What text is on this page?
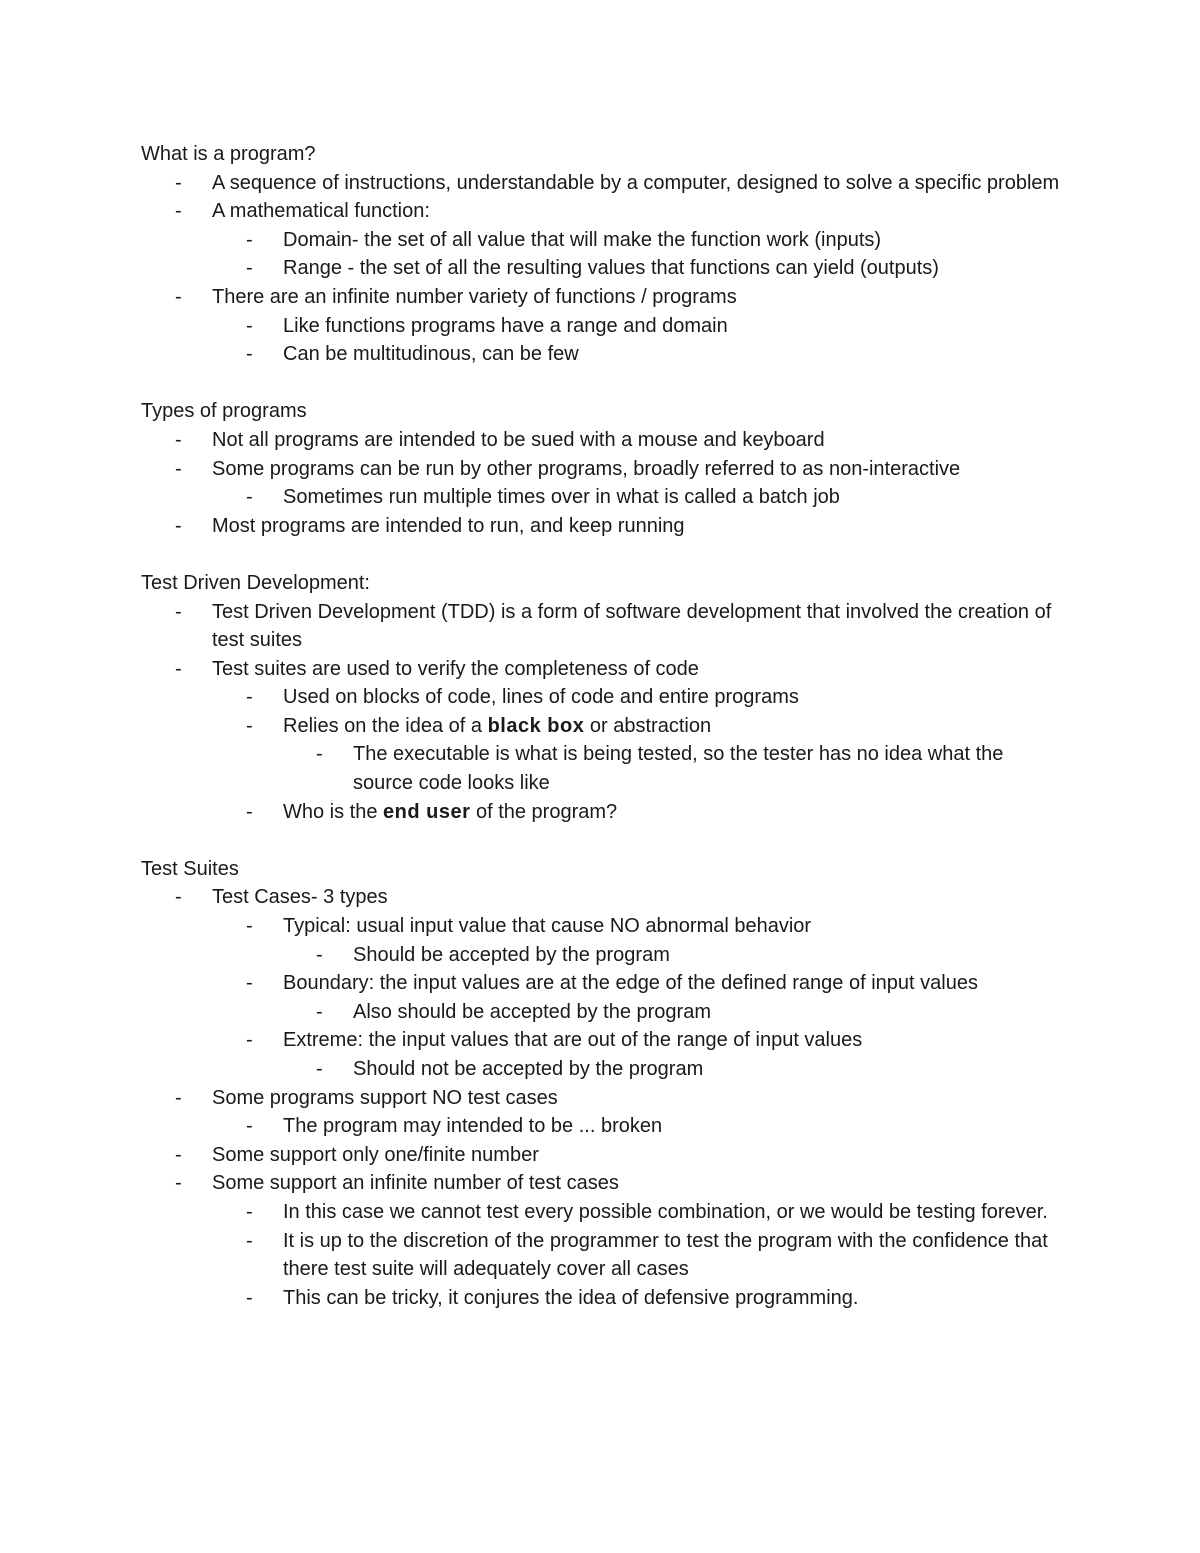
What is a program?

- A sequence of instructions, understandable by a computer, designed to solve a specific problem
- A mathematical function:
- Domain- the set of all value that will make the function work (inputs)
- Range - the set of all the resulting values that functions can yield (outputs)
- There are an infinite number variety of functions / programs
- Like functions programs have a range and domain
- Can be multitudinous, can be few

Types of programs

- Not all programs are intended to be sued with a mouse and keyboard
- Some programs can be run by other programs, broadly referred to as non-interactive
- Sometimes run multiple times over in what is called a batch job
- Most programs are intended to run, and keep running

Test Driven Development:

- Test Driven Development (TDD) is a form of software development that involved the creation of test suites
- Test suites are used to verify the completeness of code
- Used on blocks of code, lines of code and entire programs
- Relies on the idea of a black box or abstraction
- The executable is what is being tested, so the tester has no idea what the source code looks like
- Who is the end user of the program?

Test Suites

- Test Cases- 3 types
- Typical: usual input value that cause NO abnormal behavior
- Should be accepted by the program
- Boundary: the input values are at the edge of the defined range of input values
- Also should be accepted by the program
- Extreme: the input values that are out of the range of input values
- Should not be accepted by the program
- Some programs support NO test cases
- The program may intended to be ... broken
- Some support only one/finite number
- Some support an infinite number of test cases
- In this case we cannot test every possible combination, or we would be testing forever.
- It is up to the discretion of the programmer to test the program with the confidence that there test suite will adequately cover all cases
- This can be tricky, it conjures the idea of defensive programming.
